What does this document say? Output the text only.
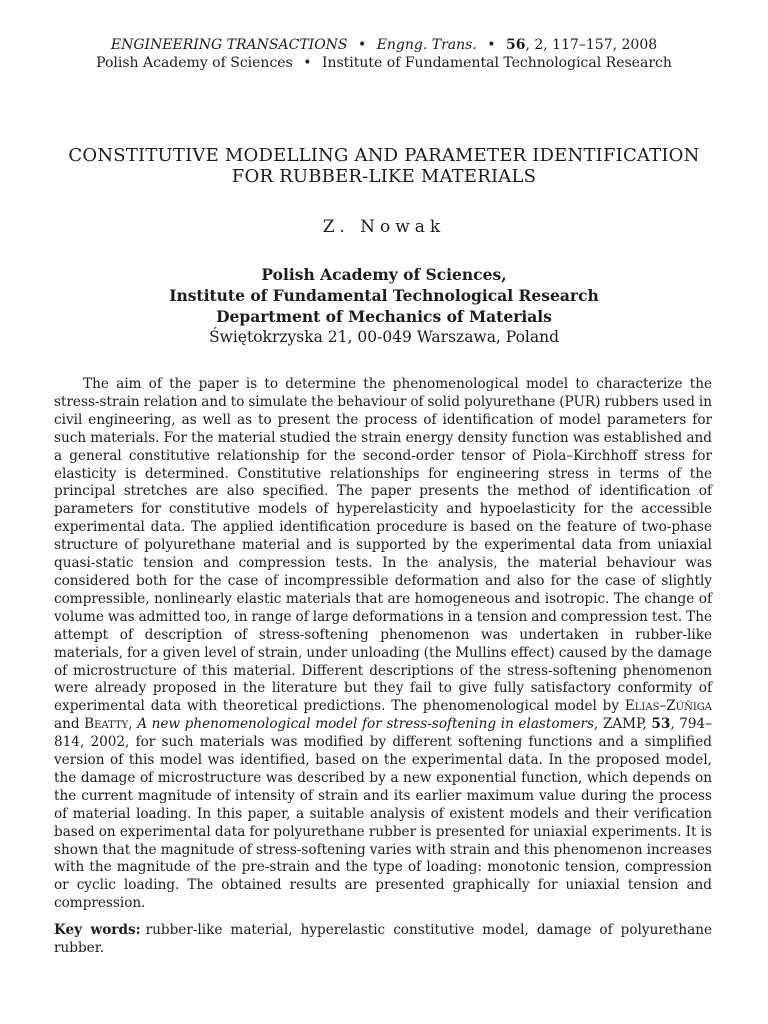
ENGINEERING TRANSACTIONS • Engng. Trans. • 56, 2, 117–157, 2008
Polish Academy of Sciences • Institute of Fundamental Technological Research
CONSTITUTIVE MODELLING AND PARAMETER IDENTIFICATION
FOR RUBBER-LIKE MATERIALS
Z. Nowak
Polish Academy of Sciences,
Institute of Fundamental Technological Research
Department of Mechanics of Materials
Świętokrzyska 21, 00-049 Warszawa, Poland

The aim of the paper is to determine the phenomenological model to characterize the stress-strain relation and to simulate the behaviour of solid polyurethane (PUR) rubbers used in civil engineering, as well as to present the process of identification of model parameters for such materials. For the material studied the strain energy density function was established and a general constitutive relationship for the second-order tensor of Piola–Kirchhoff stress for elasticity is determined. Constitutive relationships for engineering stress in terms of the principal stretches are also specified. The paper presents the method of identification of parameters for constitutive models of hyperelasticity and hypoelasticity for the accessible experimental data. The applied identification procedure is based on the feature of two-phase structure of polyurethane material and is supported by the experimental data from uniaxial quasi-static tension and compression tests. In the analysis, the material behaviour was considered both for the case of incompressible deformation and also for the case of slightly compressible, nonlinearly elastic materials that are homogeneous and isotropic. The change of volume was admitted too, in range of large deformations in a tension and compression test. The attempt of description of stress-softening phenomenon was undertaken in rubber-like materials, for a given level of strain, under unloading (the Mullins effect) caused by the damage of microstructure of this material. Different descriptions of the stress-softening phenomenon were already proposed in the literature but they fail to give fully satisfactory conformity of experimental data with theoretical predictions. The phenomenological model by Elias–Zúñiga and Beatty, A new phenomenological model for stress-softening in elastomers, ZAMP, 53, 794–814, 2002, for such materials was modified by different softening functions and a simplified version of this model was identified, based on the experimental data. In the proposed model, the damage of microstructure was described by a new exponential function, which depends on the current magnitude of intensity of strain and its earlier maximum value during the process of material loading. In this paper, a suitable analysis of existent models and their verification based on experimental data for polyurethane rubber is presented for uniaxial experiments. It is shown that the magnitude of stress-softening varies with strain and this phenomenon increases with the magnitude of the pre-strain and the type of loading: monotonic tension, compression or cyclic loading. The obtained results are presented graphically for uniaxial tension and compression.

Key words: rubber-like material, hyperelastic constitutive model, damage of polyurethane rubber.
